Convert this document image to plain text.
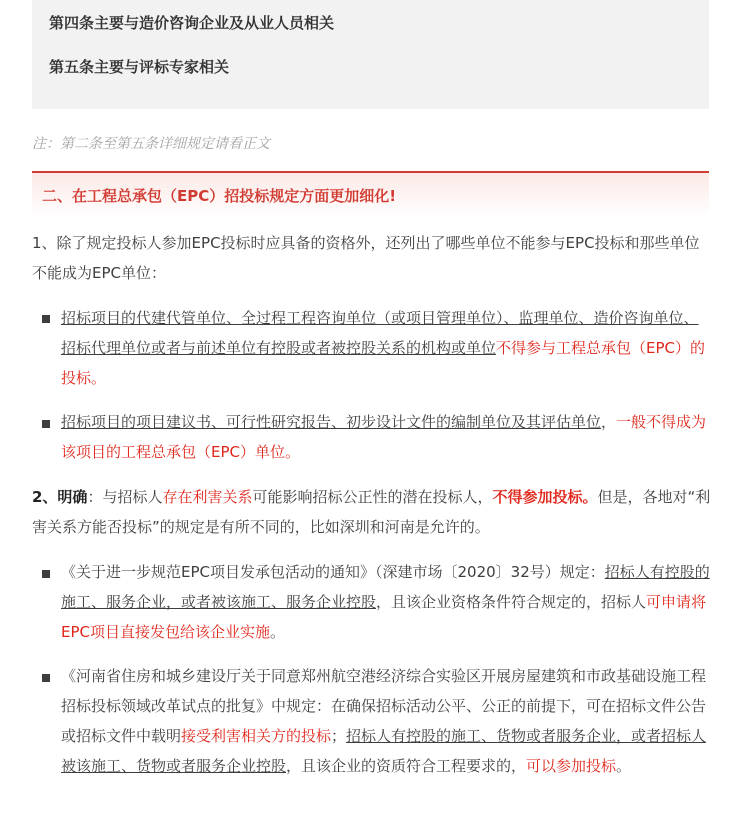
第四条主要与造价咨询企业及从业人员相关
第五条主要与评标专家相关
注：第二条至第五条详细规定请看正文
二、在工程总承包（EPC）招投标规定方面更加细化!
1、除了规定投标人参加EPC投标时应具备的资格外，还列出了哪些单位不能参与EPC投标和那些单位不能成为EPC单位：
招标项目的代建代管单位、全过程工程咨询单位（或项目管理单位）、监理单位、造价咨询单位、招标代理单位或者与前述单位有控股或者被控股关系的机构或单位不得参与工程总承包（EPC）的投标。
招标项目的项目建议书、可行性研究报告、初步设计文件的编制单位及其评估单位，一般不得成为该项目的工程总承包（EPC）单位。
2、明确：与招标人存在利害关系可能影响招标公正性的潜在投标人，不得参加投标。但是，各地对“利害关系方能否投标”的规定是有所不同的，比如深圳和河南是允许的。
《关于进一步规范EPC项目发承包活动的通知》（深建市场〔2020〕32号）规定：招标人有控股的施工、服务企业，或者被该施工、服务企业控股，且该企业资格条件符合规定的，招标人可申请将EPC项目直接发包给该企业实施。
《河南省住房和城乡建设厅关于同意郑州航空港经济综合实验区开展房屋建筑和市政基础设施工程招标投标领域改革试点的批复》中规定：在确保招标活动公平、公正的前提下，可在招标文件公告或招标文件中载明接受利害相关方的投标；招标人有控股的施工、货物或者服务企业，或者招标人被该施工、货物或者服务企业控股，且该企业的资质符合工程要求的，可以参加投标。
